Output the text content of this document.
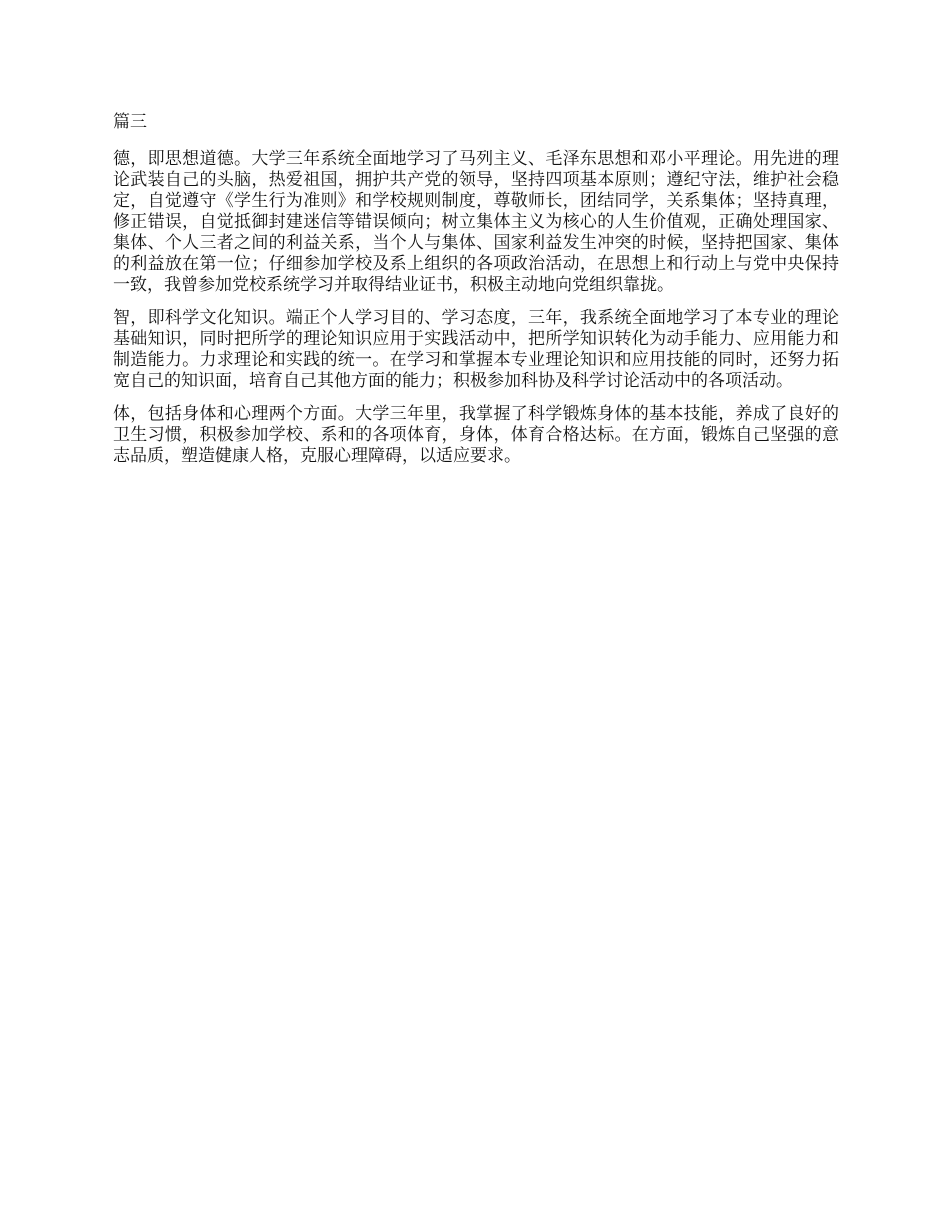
篇三

德，即思想道德。大学三年系统全面地学习了马列主义、毛泽东思想和邓小平理论。用先进的理论武装自己的头脑，热爱祖国，拥护共产党的领导，坚持四项基本原则；遵纪守法，维护社会稳定，自觉遵守《学生行为准则》和学校规则制度，尊敬师长，团结同学，关系集体；坚持真理，修正错误，自觉抵御封建迷信等错误倾向；树立集体主义为核心的人生价值观，正确处理国家、集体、个人三者之间的利益关系，当个人与集体、国家利益发生冲突的时候，坚持把国家、集体的利益放在第一位；仔细参加学校及系上组织的各项政治活动，在思想上和行动上与党中央保持一致，我曾参加党校系统学习并取得结业证书，积极主动地向党组织靠拢。

智，即科学文化知识。端正个人学习目的、学习态度，三年，我系统全面地学习了本专业的理论基础知识，同时把所学的理论知识应用于实践活动中，把所学知识转化为动手能力、应用能力和制造能力。力求理论和实践的统一。在学习和掌握本专业理论知识和应用技能的同时，还努力拓宽自己的知识面，培育自己其他方面的能力；积极参加科协及科学讨论活动中的各项活动。

体，包括身体和心理两个方面。大学三年里，我掌握了科学锻炼身体的基本技能，养成了良好的卫生习惯，积极参加学校、系和的各项体育，身体，体育合格达标。在方面，锻炼自己坚强的意志品质，塑造健康人格，克服心理障碍，以适应要求。
